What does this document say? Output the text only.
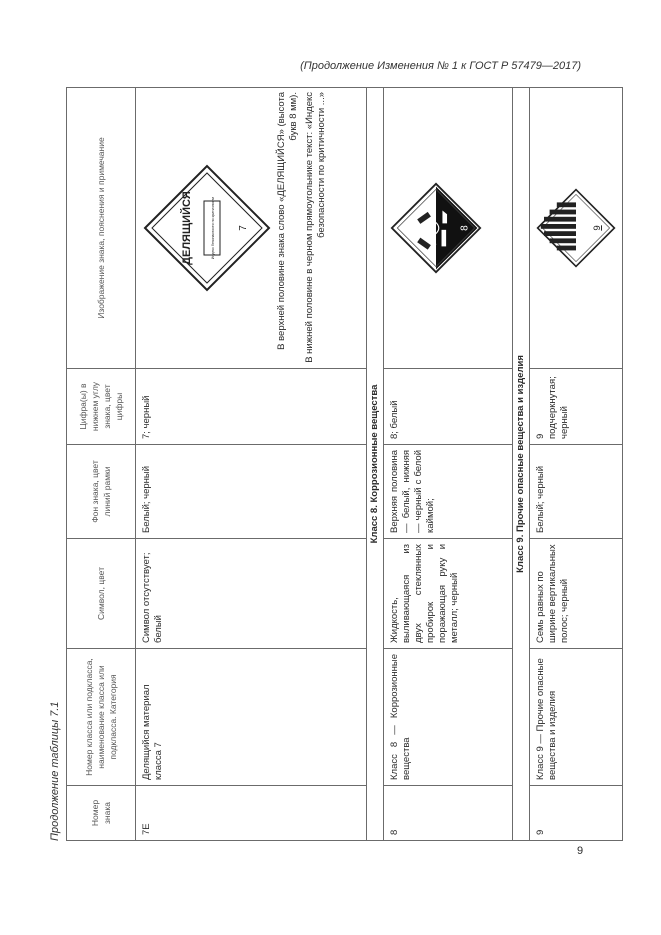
(Продолжение Изменения № 1 к ГОСТ Р 57479—2017)
Продолжение таблицы 7.1	Номер знака	Номер класса или подкласса, наименование класса или подкласса. Категория	Символ, цвет	Фон знака, цвет линий рамки	Цифра(ы) в нижнем углу знака, цвет цифры	Изображение знака, пояснения и примечание
7E	Делящийся материал класса 7	Символ отсутствует; белый	Белый; черный	7; черный	ДЕЛЯЩИЙСЯ Индекс безопасности по критичности 7 В верхней половине знака слово «ДЕЛЯЩИЙСЯ» (высота букв 8 мм). В нижней половине в черном прямоугольнике текст: «Индекс безопасности по критичности ...»

Класс 8. Коррозионные вещества					
8	Класс 8 — Коррозионные вещества	Жидкость, выливающаяся из двух стеклянных пробирок и поражающая руку и металл; черный	Верхняя половина — белый, нижняя — черный с белой каймой;	8; белый	8

Класс 9. Прочие опасные вещества и изделия					
9	Класс 9 — Прочие опасные вещества и изделия	Семь равных по ширине вертикальных полос; черный	Белый; черный	9 подчеркнутая; черный	9
9
